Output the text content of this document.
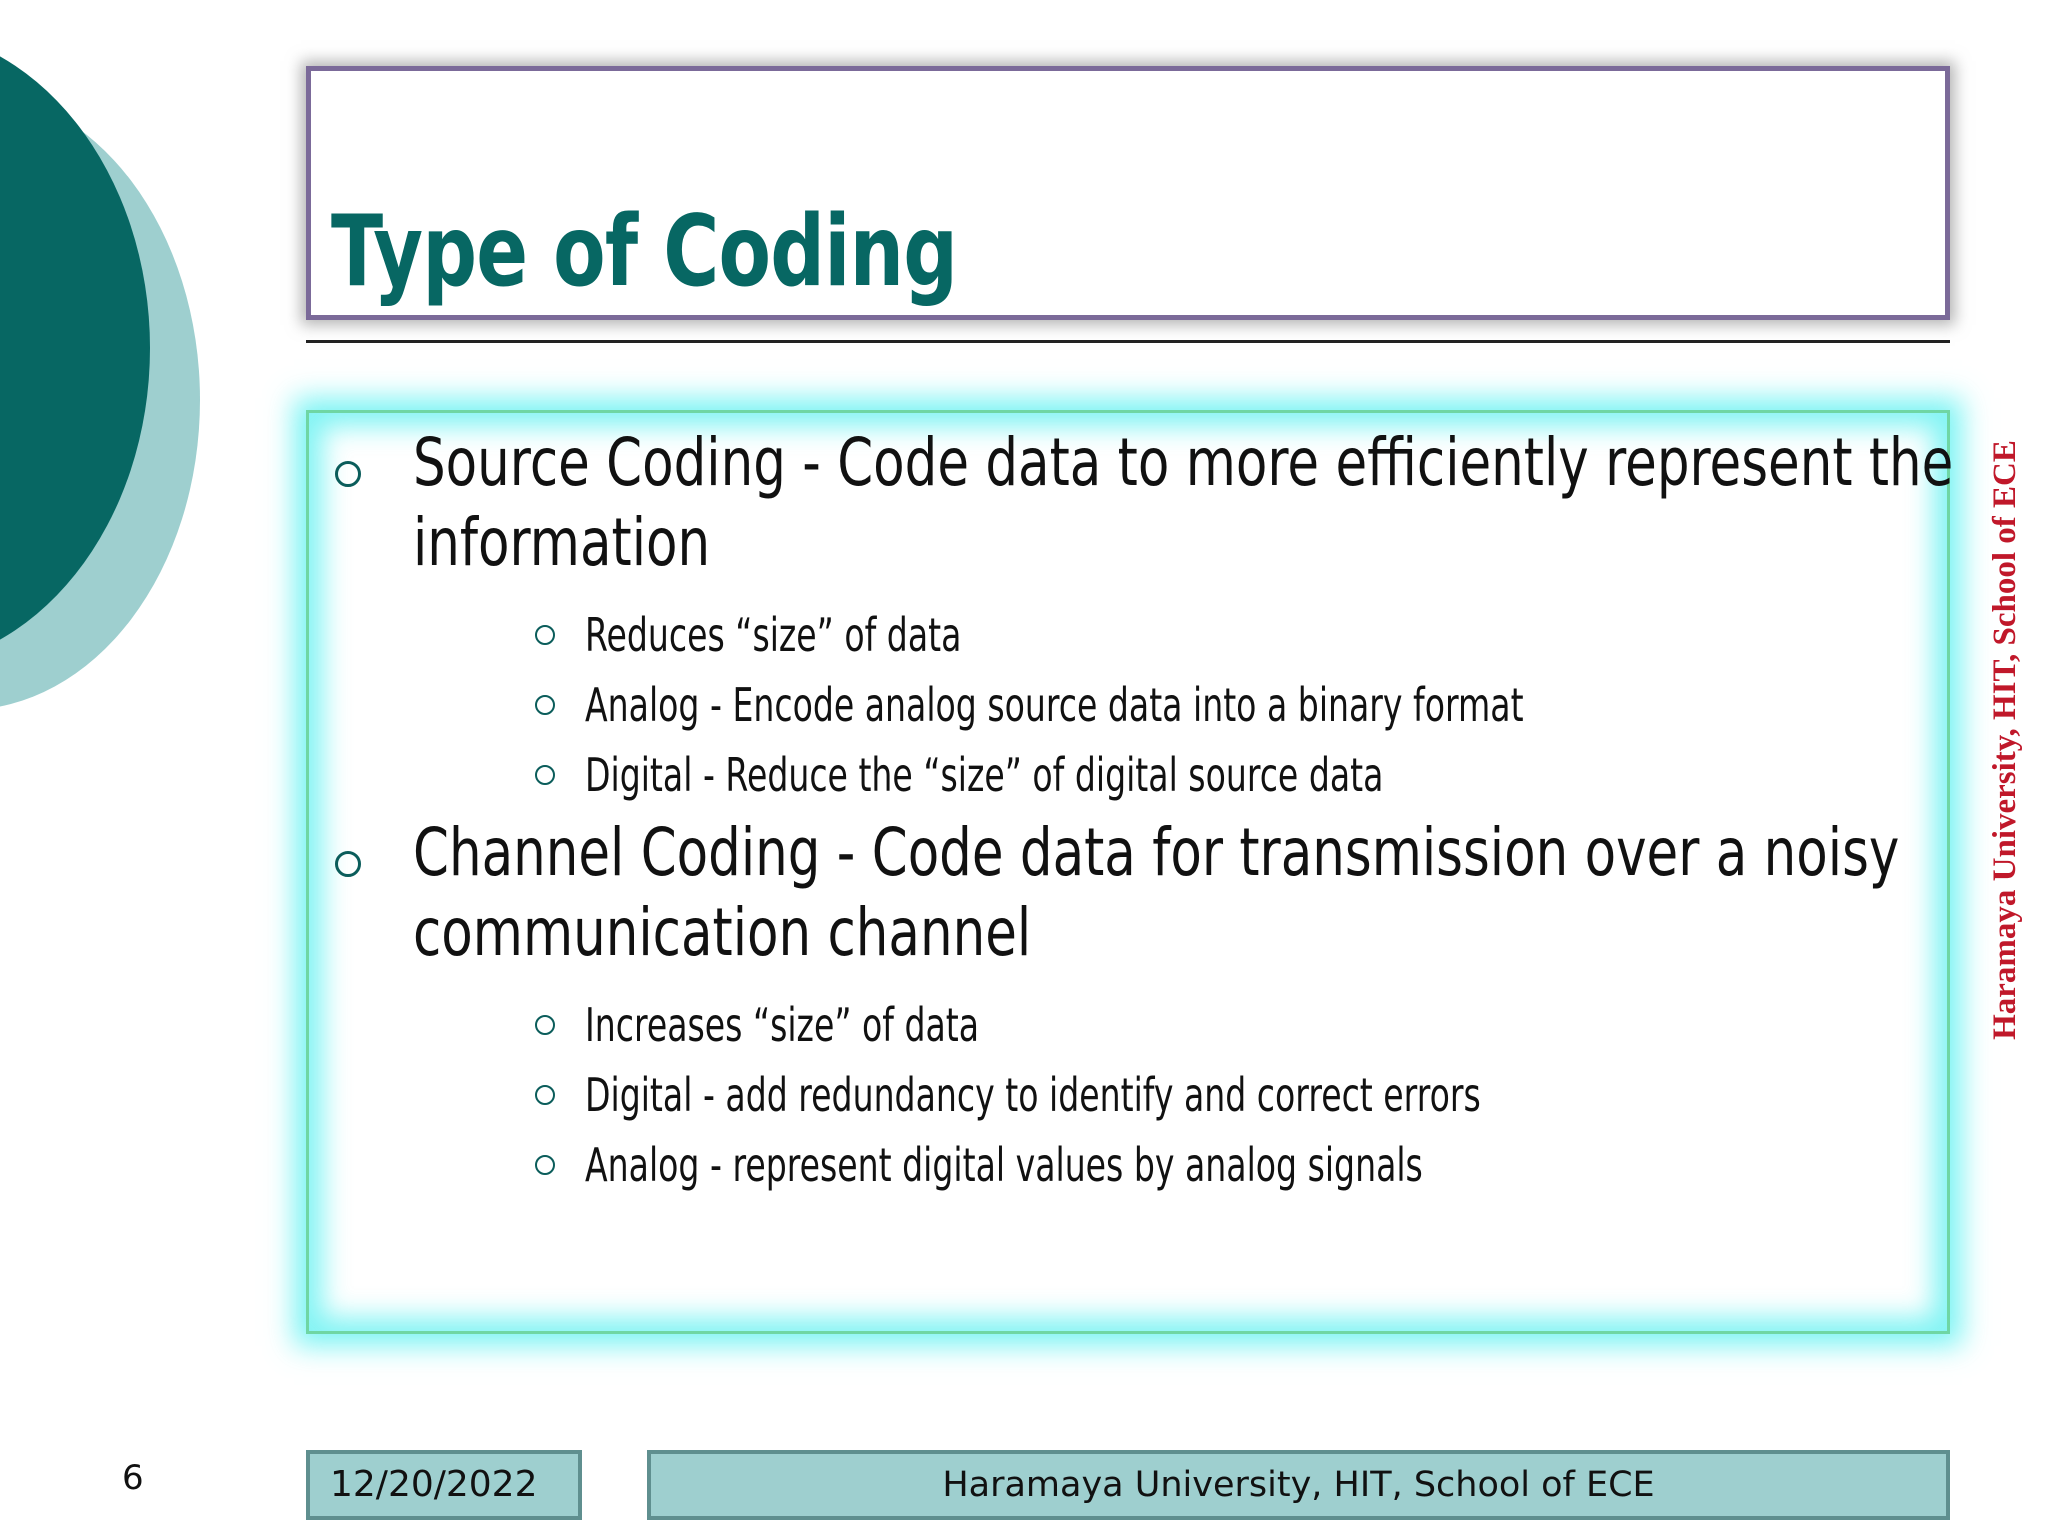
Type of Coding
Source Coding - Code data to more efficiently represent the
information
Reduces “size” of data
Analog - Encode analog source data into a binary format
Digital - Reduce the “size” of digital source data
Channel Coding - Code data for transmission over a noisy
communication channel
Increases “size” of data
Digital - add redundancy to identify and correct errors
Analog - represent digital values by analog signals
Haramaya University, HIT, School of ECE
6	12/20/2022	Haramaya University, HIT, School of ECE
